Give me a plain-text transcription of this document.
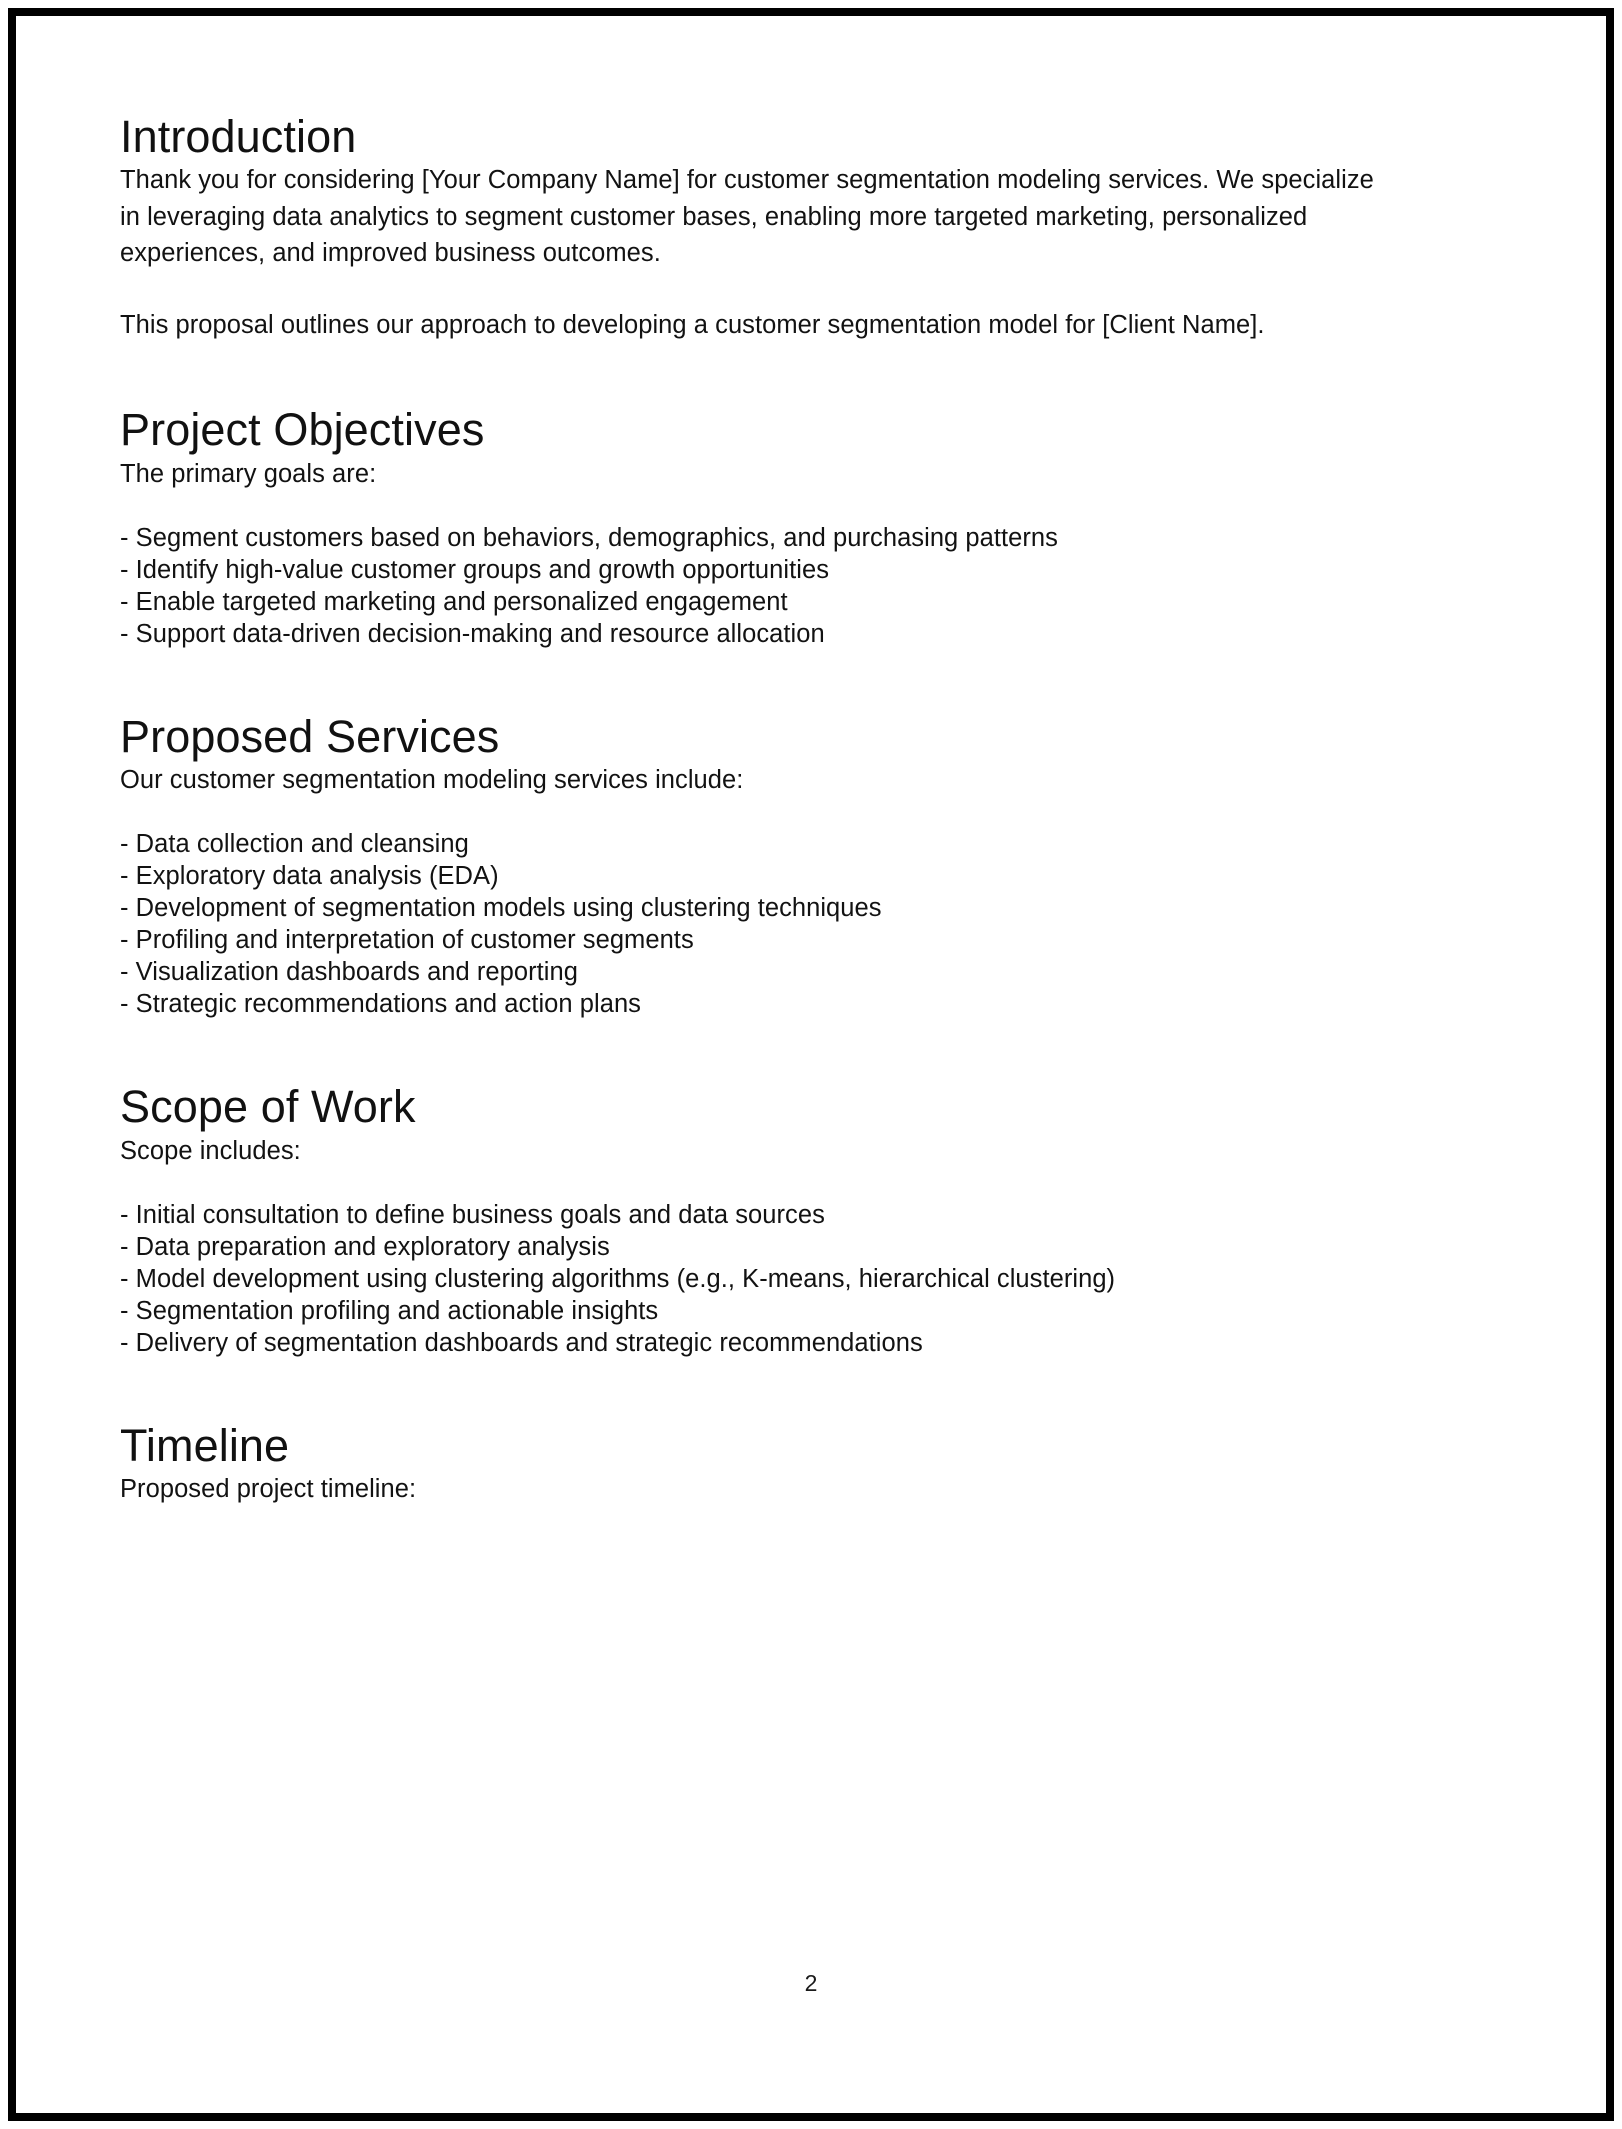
Introduction

Thank you for considering [Your Company Name] for customer segmentation modeling services. We specialize in leveraging data analytics to segment customer bases, enabling more targeted marketing, personalized experiences, and improved business outcomes.

This proposal outlines our approach to developing a customer segmentation model for [Client Name].

Project Objectives

The primary goals are:

- Segment customers based on behaviors, demographics, and purchasing patterns
- Identify high-value customer groups and growth opportunities
- Enable targeted marketing and personalized engagement
- Support data-driven decision-making and resource allocation
Proposed Services

Our customer segmentation modeling services include:

- Data collection and cleansing
- Exploratory data analysis (EDA)
- Development of segmentation models using clustering techniques
- Profiling and interpretation of customer segments
- Visualization dashboards and reporting
- Strategic recommendations and action plans
Scope of Work

Scope includes:

- Initial consultation to define business goals and data sources
- Data preparation and exploratory analysis
- Model development using clustering algorithms (e.g., K-means, hierarchical clustering)
- Segmentation profiling and actionable insights
- Delivery of segmentation dashboards and strategic recommendations
Timeline

Proposed project timeline:

2
